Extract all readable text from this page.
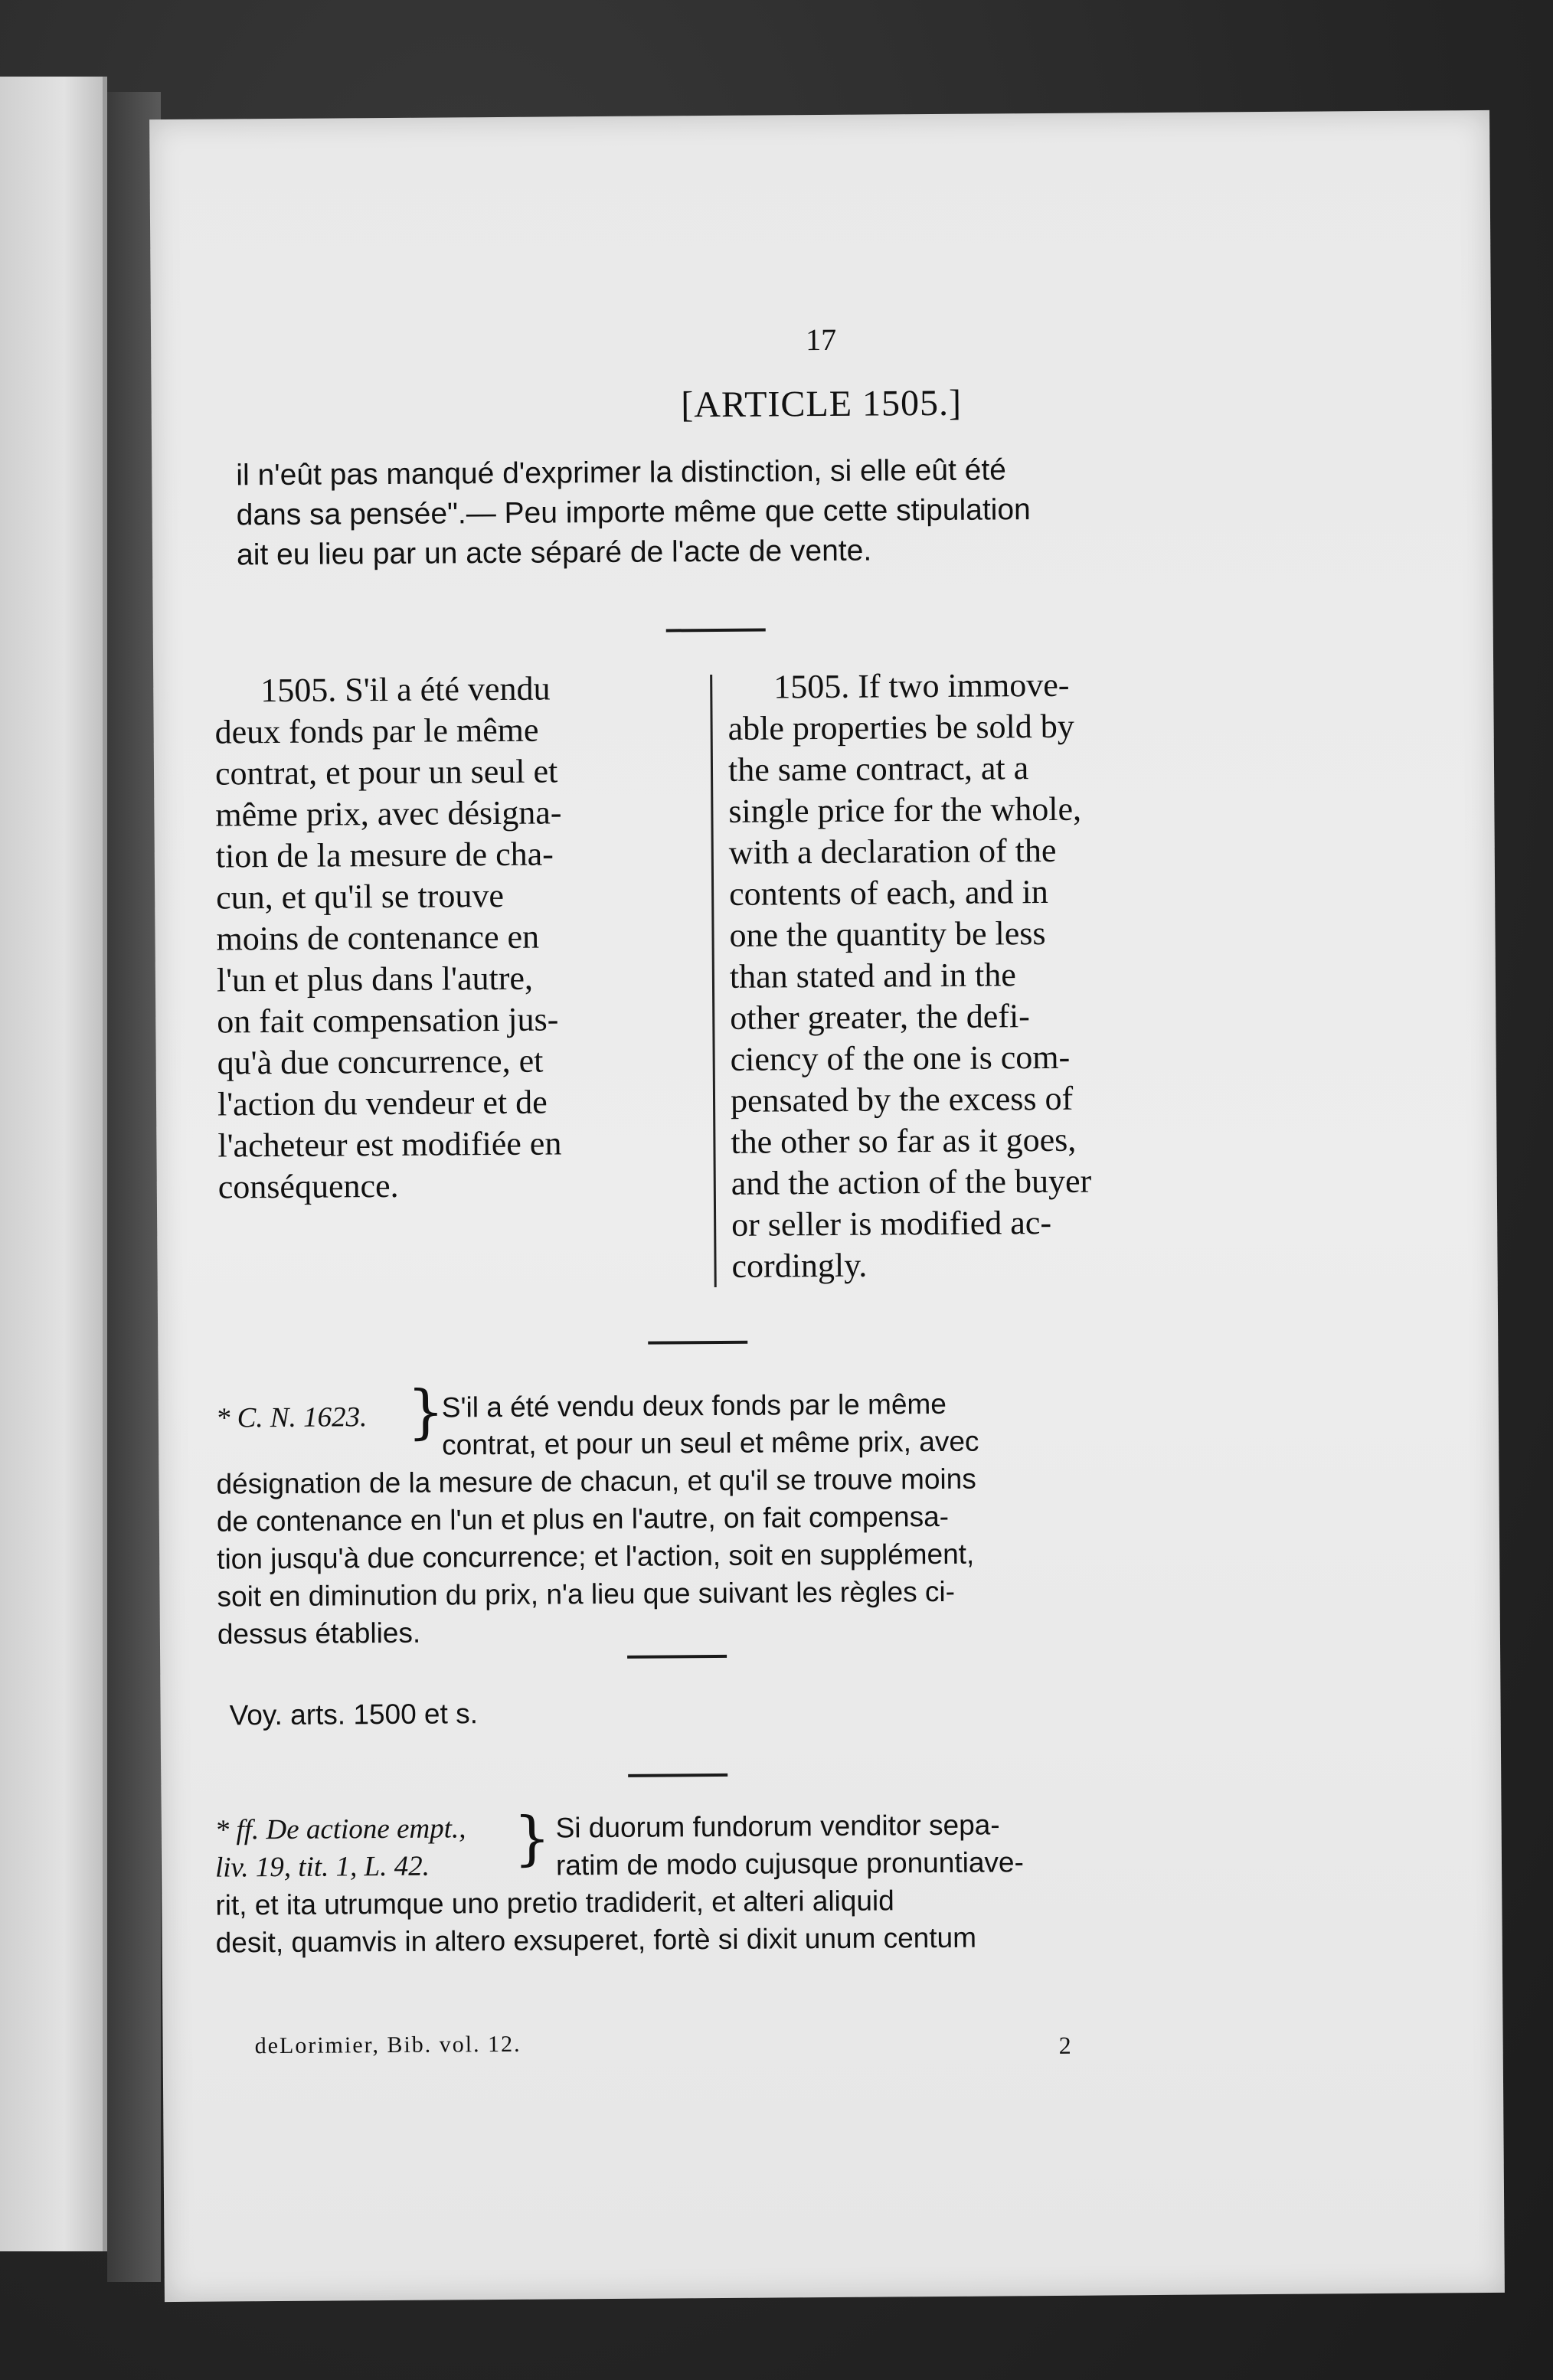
17
[ARTICLE 1505.]
il n'eût pas manqué d'exprimer la distinction, si elle eût été
dans sa pensée".— Peu importe même que cette stipulation
ait eu lieu par un acte séparé de l'acte de vente.
1505. S'il a été vendu
deux fonds par le même
contrat, et pour un seul et
même prix, avec désigna-
tion de la mesure de cha-
cun, et qu'il se trouve
moins de contenance en
l'un et plus dans l'autre,
on fait compensation jus-
qu'à due concurrence, et
l'action du vendeur et de
l'acheteur est modifiée en
conséquence.
1505. If two immove-
able properties be sold by
the same contract, at a
single price for the whole,
with a declaration of the
contents of each, and in
one the quantity be less
than stated and in the
other greater, the defi-
ciency of the one is com-
pensated by the excess of
the other so far as it goes,
and the action of the buyer
or seller is modified ac-
cordingly.
* C. N. 1623. }
S'il a été vendu deux fonds par le même
contrat, et pour un seul et même prix, avec
désignation de la mesure de chacun, et qu'il se trouve moins
de contenance en l'un et plus en l'autre, on fait compensa-
tion jusqu'à due concurrence; et l'action, soit en supplément,
soit en diminution du prix, n'a lieu que suivant les règles ci-
dessus établies.
Voy. arts. 1500 et s.
* ff. De actione empt.,
liv. 19, tit. 1, L. 42. } Si duorum fundorum venditor sepa-
ratim de modo cujusque pronuntiave-
rit, et ita utrumque uno pretio tradiderit, et alteri aliquid
desit, quamvis in altero exsuperet, fortè si dixit unum centum
deLorimier, Bib. vol. 12.	2
